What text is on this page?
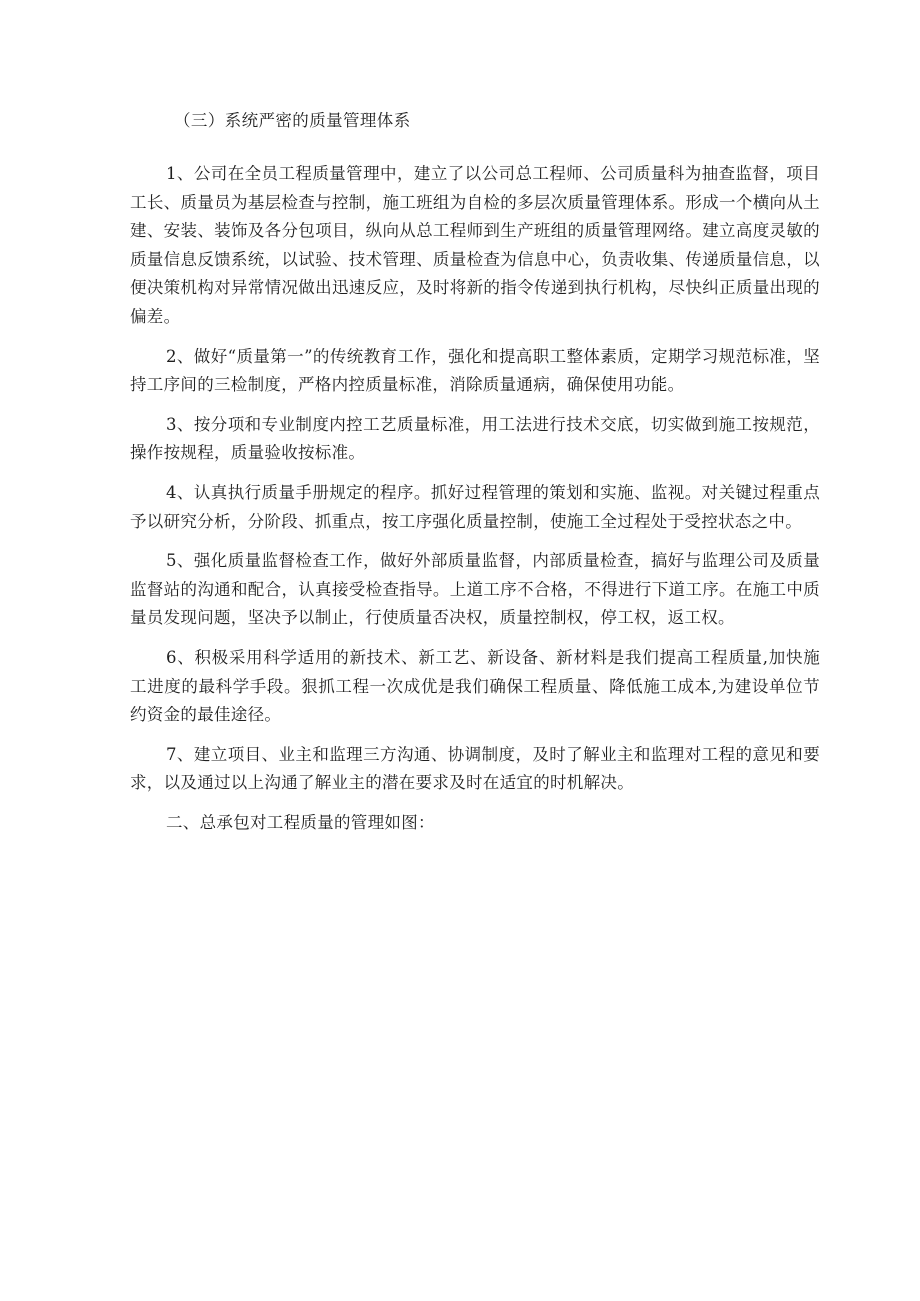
（三）系统严密的质量管理体系

1、公司在全员工程质量管理中，建立了以公司总工程师、公司质量科为抽查监督，项目工长、质量员为基层检查与控制，施工班组为自检的多层次质量管理体系。形成一个横向从土建、安装、装饰及各分包项目，纵向从总工程师到生产班组的质量管理网络。建立高度灵敏的质量信息反馈系统，以试验、技术管理、质量检查为信息中心，负责收集、传递质量信息，以便决策机构对异常情况做出迅速反应，及时将新的指令传递到执行机构，尽快纠正质量出现的偏差。

2、做好“质量第一”的传统教育工作，强化和提高职工整体素质，定期学习规范标准，坚持工序间的三检制度，严格内控质量标准，消除质量通病，确保使用功能。

3、按分项和专业制度内控工艺质量标准，用工法进行技术交底，切实做到施工按规范，操作按规程，质量验收按标准。

4、认真执行质量手册规定的程序。抓好过程管理的策划和实施、监视。对关键过程重点予以研究分析，分阶段、抓重点，按工序强化质量控制，使施工全过程处于受控状态之中。

5、强化质量监督检查工作，做好外部质量监督，内部质量检查，搞好与监理公司及质量监督站的沟通和配合，认真接受检查指导。上道工序不合格，不得进行下道工序。在施工中质量员发现问题，坚决予以制止，行使质量否决权，质量控制权，停工权，返工权。

6、积极采用科学适用的新技术、新工艺、新设备、新材料是我们提高工程质量,加快施工进度的最科学手段。狠抓工程一次成优是我们确保工程质量、降低施工成本,为建设单位节约资金的最佳途径。

7、建立项目、业主和监理三方沟通、协调制度，及时了解业主和监理对工程的意见和要求，以及通过以上沟通了解业主的潜在要求及时在适宜的时机解决。

二、总承包对工程质量的管理如图：
